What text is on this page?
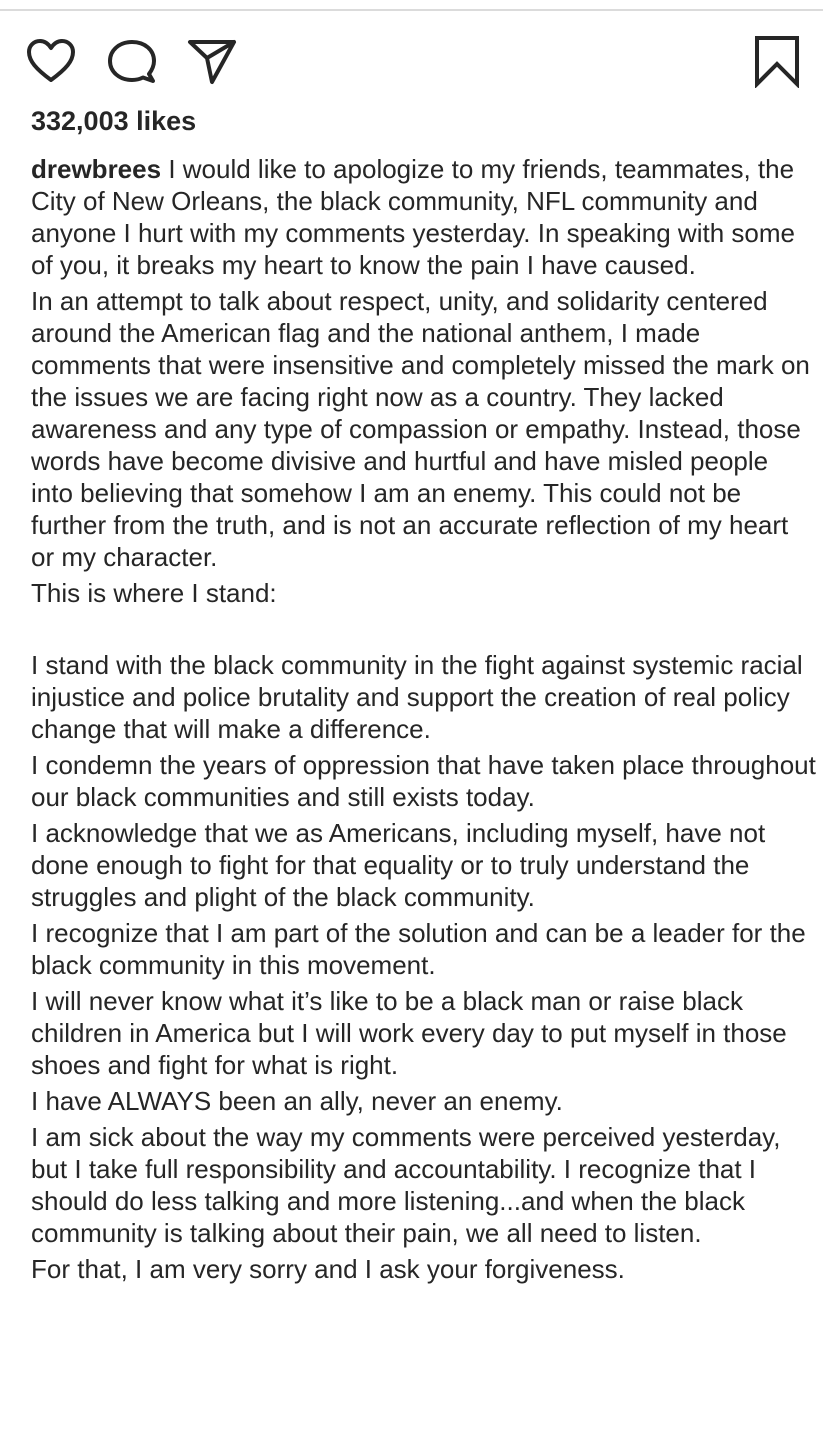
332,003 likes

drewbrees I would like to apologize to my friends, teammates, the City of New Orleans, the black community, NFL community and anyone I hurt with my comments yesterday. In speaking with some of you, it breaks my heart to know the pain I have caused.

In an attempt to talk about respect, unity, and solidarity centered around the American flag and the national anthem, I made comments that were insensitive and completely missed the mark on the issues we are facing right now as a country. They lacked awareness and any type of compassion or empathy. Instead, those words have become divisive and hurtful and have misled people into believing that somehow I am an enemy. This could not be further from the truth, and is not an accurate reflection of my heart or my character.

This is where I stand:

I stand with the black community in the fight against systemic racial injustice and police brutality and support the creation of real policy change that will make a difference.

I condemn the years of oppression that have taken place throughout our black communities and still exists today.

I acknowledge that we as Americans, including myself, have not done enough to fight for that equality or to truly understand the struggles and plight of the black community.

I recognize that I am part of the solution and can be a leader for the black community in this movement.

I will never know what it’s like to be a black man or raise black children in America but I will work every day to put myself in those shoes and fight for what is right.

I have ALWAYS been an ally, never an enemy.

I am sick about the way my comments were perceived yesterday, but I take full responsibility and accountability. I recognize that I should do less talking and more listening...and when the black community is talking about their pain, we all need to listen.

For that, I am very sorry and I ask your forgiveness.
